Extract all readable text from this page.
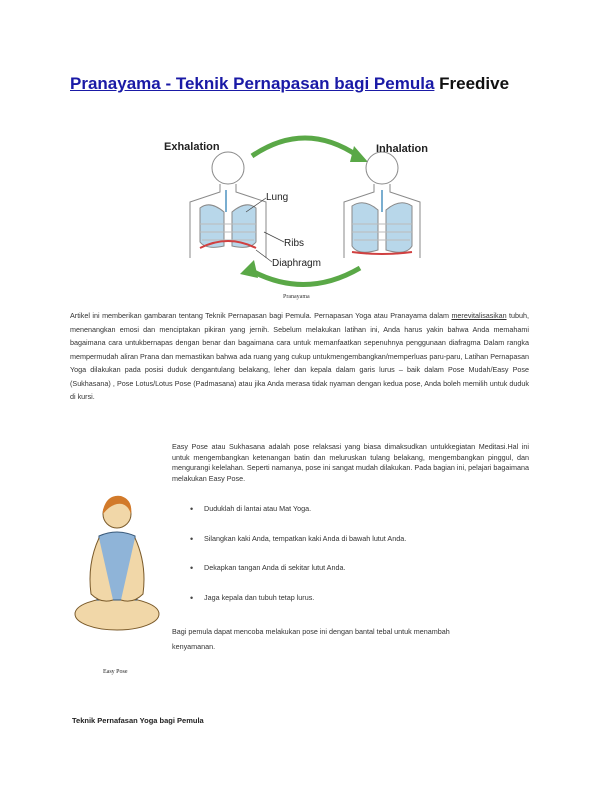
Pranayama - Teknik Pernapasan bagi Pemula Freedive
Exhalation	Inhalation
Lung
Ribs
Diaphragm
Pranayama
Artikel ini memberikan gambaran tentang Teknik Pernapasan bagi Pemula. Pernapasan Yoga atau Pranayama dalam merevitalisasikan tubuh, menenangkan emosi dan menciptakan pikiran yang jernih. Sebelum melakukan latihan ini, Anda harus yakin bahwa Anda memahami bagaimana cara untukbernapas dengan benar dan bagaimana cara untuk memanfaatkan sepenuhnya penggunaan diafragma Dalam rangka mempermudah aliran Prana dan memastikan bahwa ada ruang yang cukup untukmengembangkan/memperluas paru-paru, Latihan Pernapasan Yoga dilakukan pada posisi duduk dengantulang belakang, leher dan kepala dalam garis lurus – baik dalam Pose Mudah/Easy Pose (Sukhasana) , Pose Lotus/Lotus Pose (Padmasana) atau jika Anda merasa tidak nyaman dengan kedua pose, Anda boleh memilih untuk duduk di kursi.
Easy Pose
Easy Pose atau Sukhasana adalah pose relaksasi yang biasa dimaksudkan untukkegiatan Meditasi.Hal ini untuk mengembangkan ketenangan batin dan meluruskan tulang belakang, mengembangkan pinggul, dan mengurangi kelelahan. Seperti namanya, pose ini sangat mudah dilakukan. Pada bagian ini, pelajari bagaimana melakukan Easy Pose.
• Duduklah di lantai atau Mat Yoga.
• Silangkan kaki Anda, tempatkan kaki Anda di bawah lutut Anda.
• Dekapkan tangan Anda di sekitar lutut Anda.
• Jaga kepala dan tubuh tetap lurus.
Bagi pemula dapat mencoba melakukan pose ini dengan bantal tebal untuk menambah kenyamanan.
Teknik Pernafasan Yoga bagi Pemula
